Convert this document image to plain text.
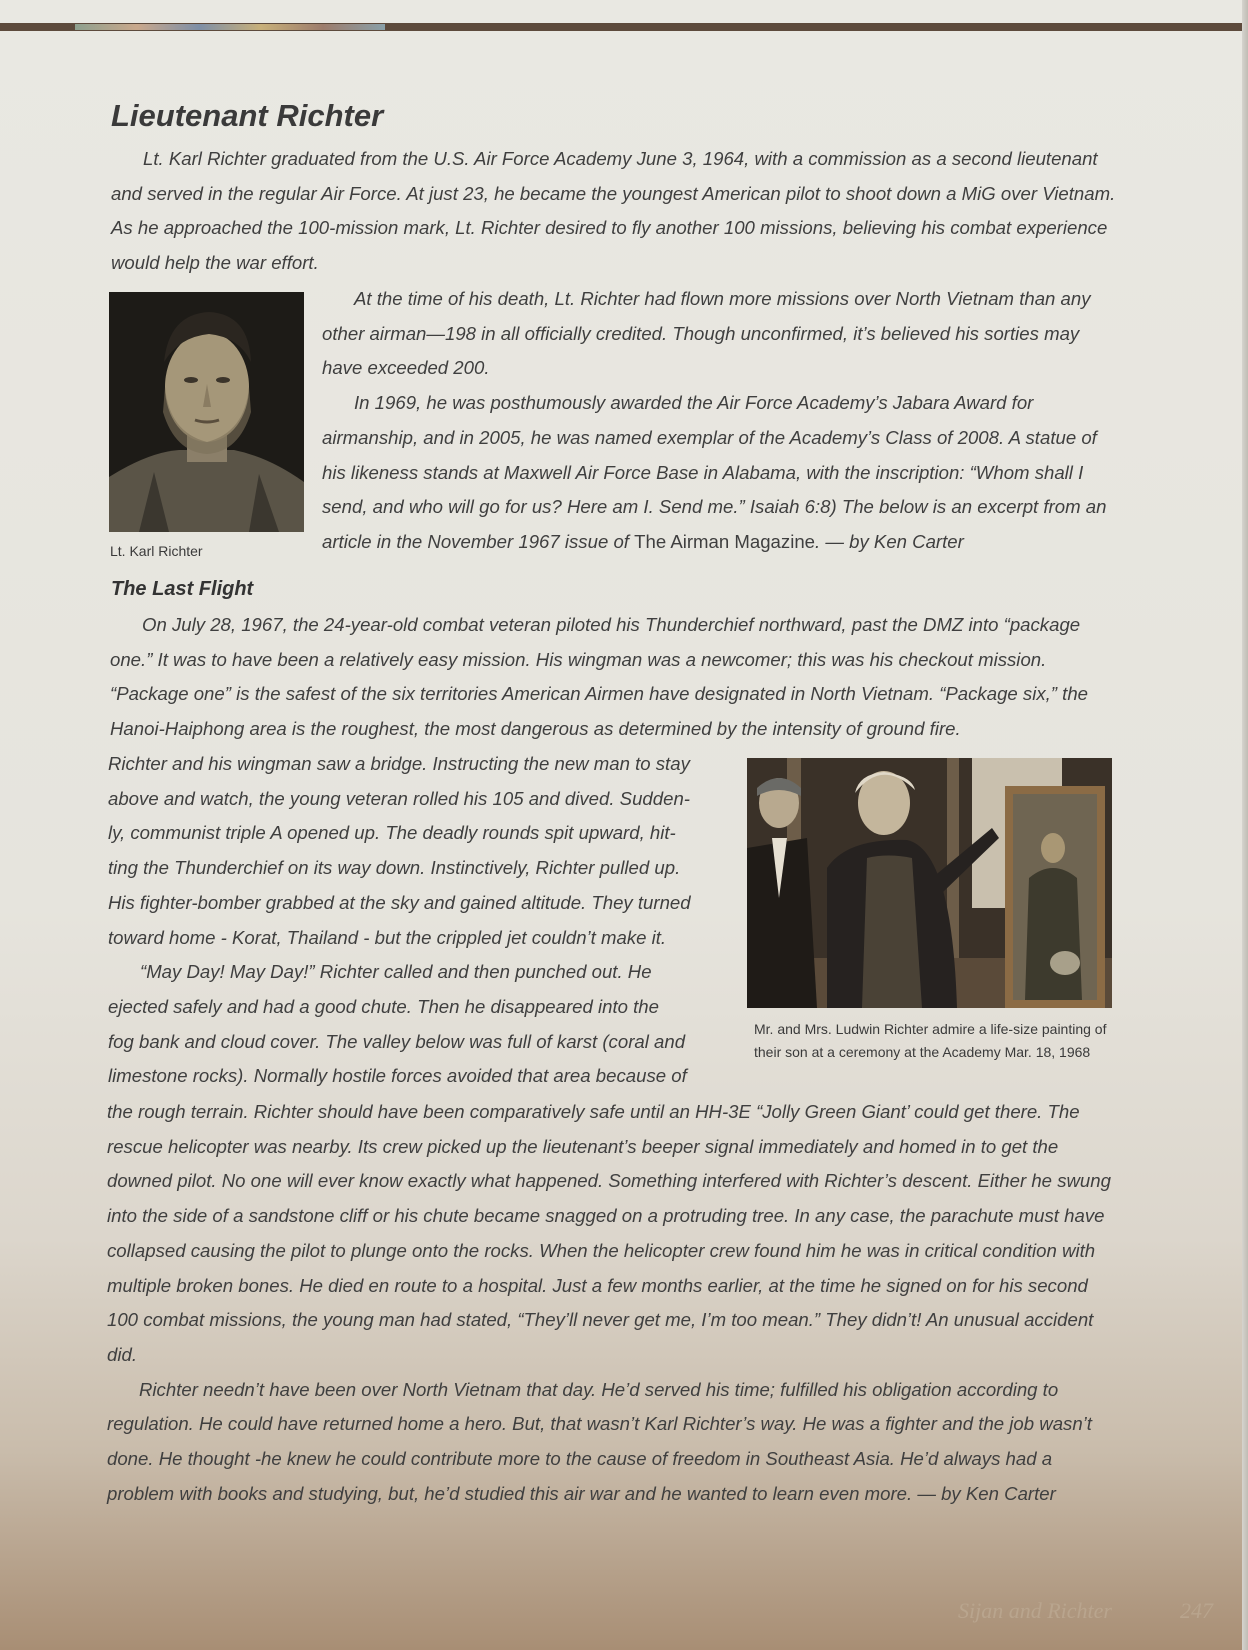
Lieutenant Richter

Lt. Karl Richter graduated from the U.S. Air Force Academy June 3, 1964, with a commission as a second lieutenant and served in the regular Air Force. At just 23, he became the youngest American pilot to shoot down a MiG over Vietnam. As he approached the 100-mission mark, Lt. Richter desired to fly another 100 missions, believing his combat experience would help the war effort.

Lt. Karl Richter

At the time of his death, Lt. Richter had flown more missions over North Vietnam than any other airman—198 in all officially credited. Though unconfirmed, it’s believed his sorties may have exceeded 200.
In 1969, he was posthumously awarded the Air Force Academy’s Jabara Award for airmanship, and in 2005, he was named exemplar of the Academy’s Class of 2008. A statue of his likeness stands at Maxwell Air Force Base in Alabama, with the inscription: “Whom shall I send, and who will go for us? Here am I. Send me.” Isaiah 6:8) The below is an excerpt from an article in the November 1967 issue of The Airman Magazine. — by Ken Carter

The Last Flight

On July 28, 1967, the 24-year-old combat veteran piloted his Thunderchief northward, past the DMZ into “package one.” It was to have been a relatively easy mission. His wingman was a newcomer; this was his checkout mission. “Package one” is the safest of the six territories American Airmen have designated in North Vietnam. “Package six,” the Hanoi-Haiphong area is the roughest, the most dangerous as determined by the intensity of ground fire.

Richter and his wingman saw a bridge. Instructing the new man to stay
above and watch, the young veteran rolled his 105 and dived. Sudden-
ly, communist triple A opened up. The deadly rounds spit upward, hit-
ting the Thunderchief on its way down. Instinctively, Richter pulled up.
His fighter-bomber grabbed at the sky and gained altitude. They turned
toward home - Korat, Thailand - but the crippled jet couldn’t make it.
“May Day! May Day!” Richter called and then punched out. He
ejected safely and had a good chute. Then he disappeared into the
fog bank and cloud cover. The valley below was full of karst (coral and
limestone rocks). Normally hostile forces avoided that area because of

Mr. and Mrs. Ludwin Richter admire a life-size painting of their son at a ceremony at the Academy Mar. 18, 1968

the rough terrain. Richter should have been comparatively safe until an HH-3E “Jolly Green Giant’ could get there. The rescue helicopter was nearby. Its crew picked up the lieutenant’s beeper signal immediately and homed in to get the downed pilot. No one will ever know exactly what happened. Something interfered with Richter’s descent. Either he swung into the side of a sandstone cliff or his chute became snagged on a protruding tree. In any case, the parachute must have collapsed causing the pilot to plunge onto the rocks. When the helicopter crew found him he was in critical condition with multiple broken bones. He died en route to a hospital. Just a few months earlier, at the time he signed on for his second 100 combat missions, the young man had stated, “They’ll never get me, I’m too mean.” They didn’t! An unusual accident did.
Richter needn’t have been over North Vietnam that day. He’d served his time; fulfilled his obligation according to regulation. He could have returned home a hero. But, that wasn’t Karl Richter’s way. He was a fighter and the job wasn’t done. He thought -he knew he could contribute more to the cause of freedom in Southeast Asia. He’d always had a problem with books and studying, but, he’d studied this air war and he wanted to learn even more. — by Ken Carter

Sijan and Richter	247
